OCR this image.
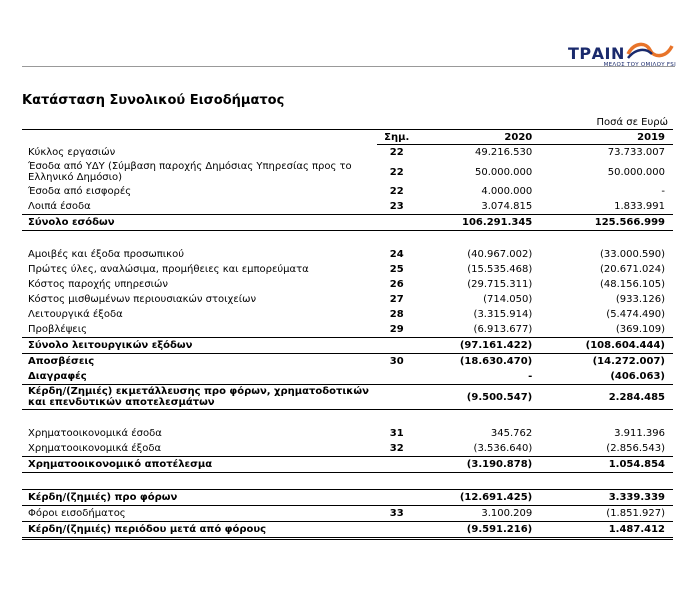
ΤΡΑΙΝ
ΜΕΛΟΣ ΤΟΥ ΟΜΙΛΟΥ FSI
Κατάσταση Συνολικού Εισοδήματος
Ποσά σε Ευρώ
	Σημ.	2020	2019
Κύκλος εργασιών	22	49.216.530	73.733.007
Έσοδα από ΥΔΥ (Σύμβαση παροχής Δημόσιας Υπηρεσίας προς το Ελληνικό Δημόσιο)	22	50.000.000	50.000.000
Έσοδα από εισφορές	22	4.000.000	-
Λοιπά έσοδα	23	3.074.815	1.833.991
Σύνολο εσόδων		106.291.345	125.566.999

Αμοιβές και έξοδα προσωπικού	24	(40.967.002)	(33.000.590)
Πρώτες ύλες, αναλώσιμα, προμήθειες και εμπορεύματα	25	(15.535.468)	(20.671.024)
Κόστος παροχής υπηρεσιών	26	(29.715.311)	(48.156.105)
Κόστος μισθωμένων περιουσιακών στοιχείων	27	(714.050)	(933.126)
Λειτουργικά έξοδα	28	(3.315.914)	(5.474.490)
Προβλέψεις	29	(6.913.677)	(369.109)
Σύνολο λειτουργικών εξόδων		(97.161.422)	(108.604.444)
Αποσβέσεις	30	(18.630.470)	(14.272.007)
Διαγραφές		-	(406.063)
Κέρδη/(Ζημιές) εκμετάλλευσης προ φόρων, χρηματοδοτικών και επενδυτικών αποτελεσμάτων		(9.500.547)	2.284.485

Χρηματοοικονομικά έσοδα	31	345.762	3.911.396
Χρηματοοικονομικά έξοδα	32	(3.536.640)	(2.856.543)
Χρηματοοικονομικό αποτέλεσμα		(3.190.878)	1.054.854

Κέρδη/(ζημιές) προ φόρων		(12.691.425)	3.339.339
Φόροι εισοδήματος	33	3.100.209	(1.851.927)
Κέρδη/(ζημιές) περιόδου μετά από φόρους		(9.591.216)	1.487.412
